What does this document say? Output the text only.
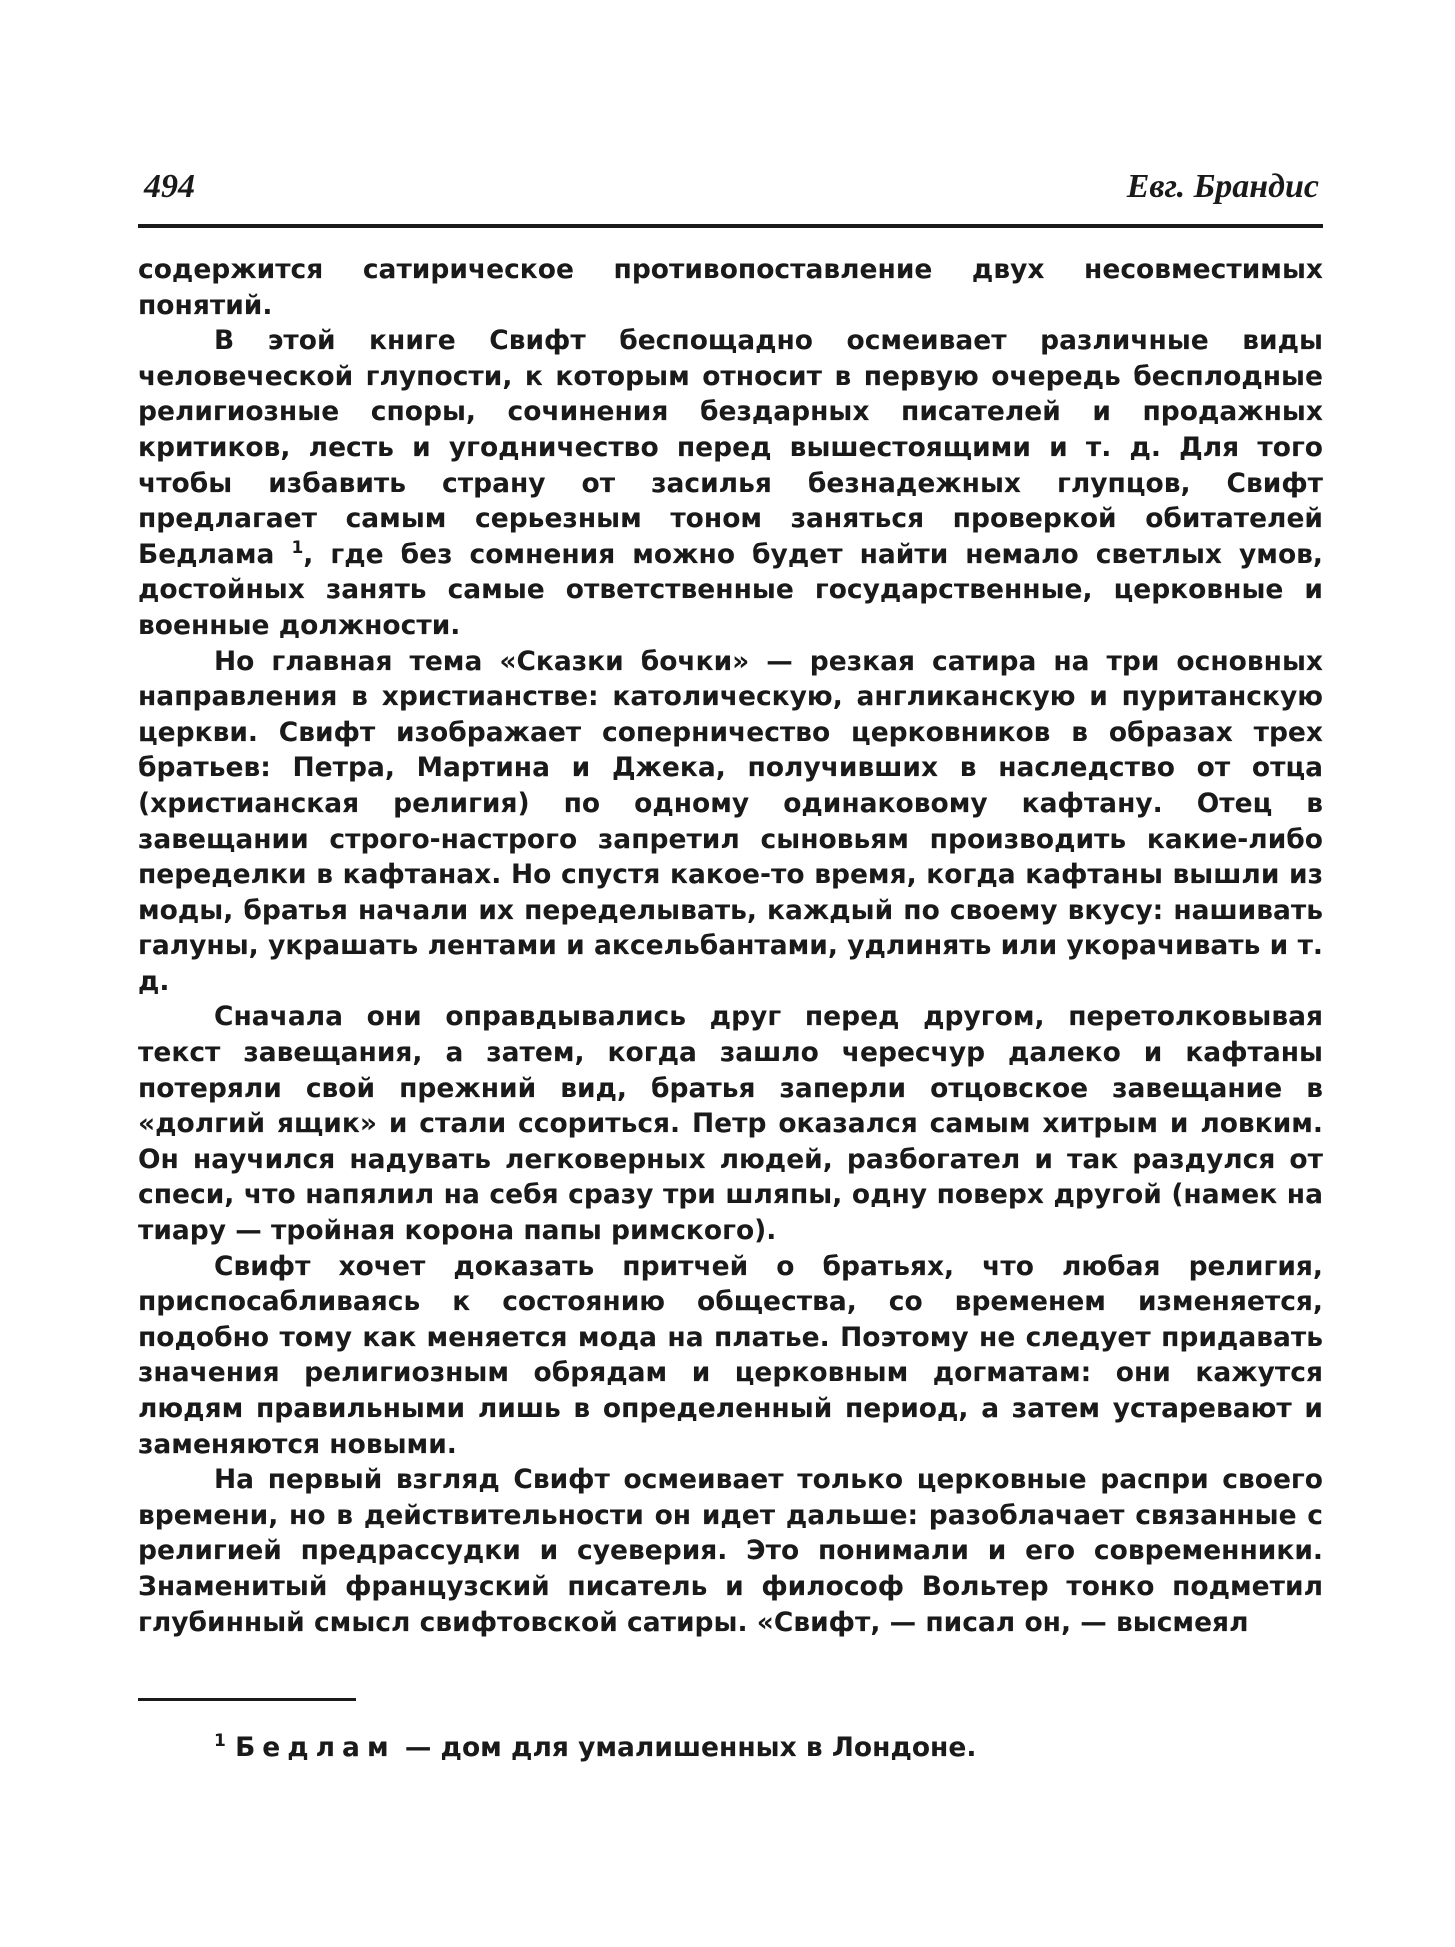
494	Евг. Брандис

содержится сатирическое противопоставление двух несовместимых понятий.

В этой книге Свифт беспощадно осмеивает различные виды человеческой глупости, к которым относит в первую очередь бесплодные религиозные споры, сочинения бездарных писателей и продажных критиков, лесть и угодничество перед вышестоящими и т. д. Для того чтобы избавить страну от засилья безнадежных глупцов, Свифт предлагает самым серьезным тоном заняться проверкой обитателей Бедлама $^1$, где без сомнения можно будет найти немало светлых умов, достойных занять самые ответственные государственные, церковные и военные должности.

Но главная тема «Сказки бочки» — резкая сатира на три основных направления в христианстве: католическую, англиканскую и пуританскую церкви. Свифт изображает соперничество церковников в образах трех братьев: Петра, Мартина и Джека, получивших в наследство от отца (христианская религия) по одному одинаковому кафтану. Отец в завещании строго-настрого запретил сыновьям производить какие-либо переделки в кафтанах. Но спустя какое-то время, когда кафтаны вышли из моды, братья начали их переделывать, каждый по своему вкусу: нашивать галуны, украшать лентами и аксельбантами, удлинять или укорачивать и т. д.

Сначала они оправдывались друг перед другом, перетолковывая текст завещания, а затем, когда зашло чересчур далеко и кафтаны потеряли свой прежний вид, братья заперли отцовское завещание в «долгий ящик» и стали ссориться. Петр оказался самым хитрым и ловким. Он научился надувать легковерных людей, разбогател и так раздулся от спеси, что напялил на себя сразу три шляпы, одну поверх другой (намек на тиару — тройная корона папы римского).

Свифт хочет доказать притчей о братьях, что любая религия, приспосабливаясь к состоянию общества, со временем изменяется, подобно тому как меняется мода на платье. Поэтому не следует придавать значения религиозным обрядам и церковным догматам: они кажутся людям правильными лишь в определенный период, а затем устаревают и заменяются новыми.

На первый взгляд Свифт осмеивает только церковные распри своего времени, но в действительности он идет дальше: разоблачает связанные с религией предрассудки и суеверия. Это понимали и его современники. Знаменитый французский писатель и философ Вольтер тонко подметил глубинный смысл свифтовской сатиры. «Свифт, — писал он, — высмеял

$^1$ Бедлам — дом для умалишенных в Лондоне.
